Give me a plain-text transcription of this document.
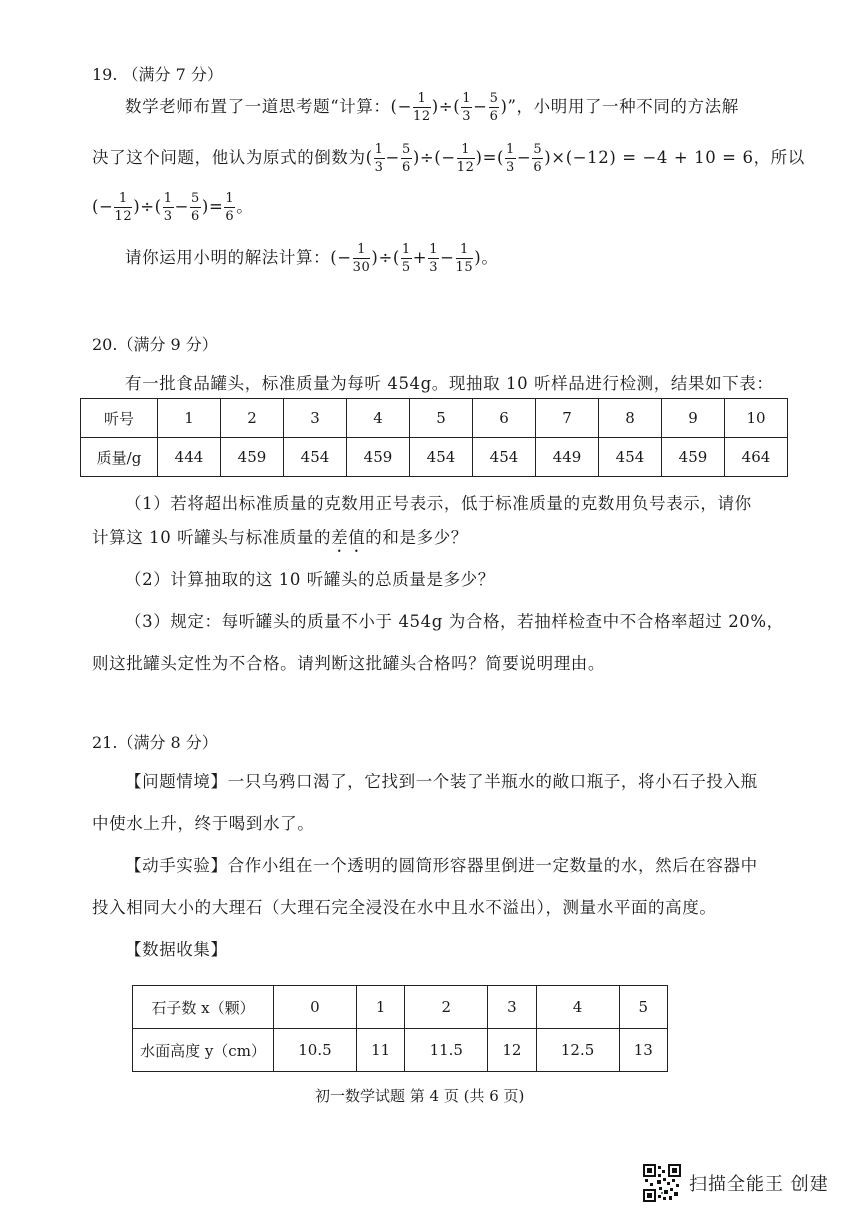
19. （满分 7 分）
数学老师布置了一道思考题“计算：(− $\frac{1}{12}$ )÷( $\frac{1}{3} - \frac{5}{6}$ )”，小明用了一种不同的方法解
决了这个问题，他认为原式的倒数为( $\frac{1}{3} - \frac{5}{6}$ )÷(− $\frac{1}{12}$ )=( $\frac{1}{3} - \frac{5}{6} )\times(-12) = -4 + 10 = 6$，所以
(− $\frac{1}{12}$ )÷( $\frac{1}{3} - \frac{5}{6}$ )= $\frac{1}{6}$ 。
请你运用小明的解法计算：(− $\frac{1}{30}$ )÷( $\frac{1}{5} + \frac{1}{3} - \frac{1}{15}$ )。
20.（满分 9 分）
有一批食品罐头，标准质量为每听 454g。现抽取 10 听样品进行检测，结果如下表：
听号	1	2	3	4	5	6	7	8	9	10
质量/g	444	459	454	459	454	454	449	454	459	464
（1）若将超出标准质量的克数用正号表示，低于标准质量的克数用负号表示，请你
计算这 10 听罐头与标准质量的差值的和是多少？
（2）计算抽取的这 10 听罐头的总质量是多少？
（3）规定：每听罐头的质量不小于 454g 为合格，若抽样检查中不合格率超过 20%，
则这批罐头定性为不合格。请判断这批罐头合格吗？简要说明理由。
21.（满分 8 分）
【问题情境】一只乌鸦口渴了，它找到一个装了半瓶水的敞口瓶子，将小石子投入瓶
中使水上升，终于喝到水了。
【动手实验】合作小组在一个透明的圆筒形容器里倒进一定数量的水，然后在容器中
投入相同大小的大理石（大理石完全浸没在水中且水不溢出），测量水平面的高度。
【数据收集】
石子数 x（颗）	0	1	2	3	4	5
水面高度 y（cm）	10.5	11	11.5	12	12.5	13
初一数学试题 第 4 页 (共 6 页)
扫描全能王 创建
